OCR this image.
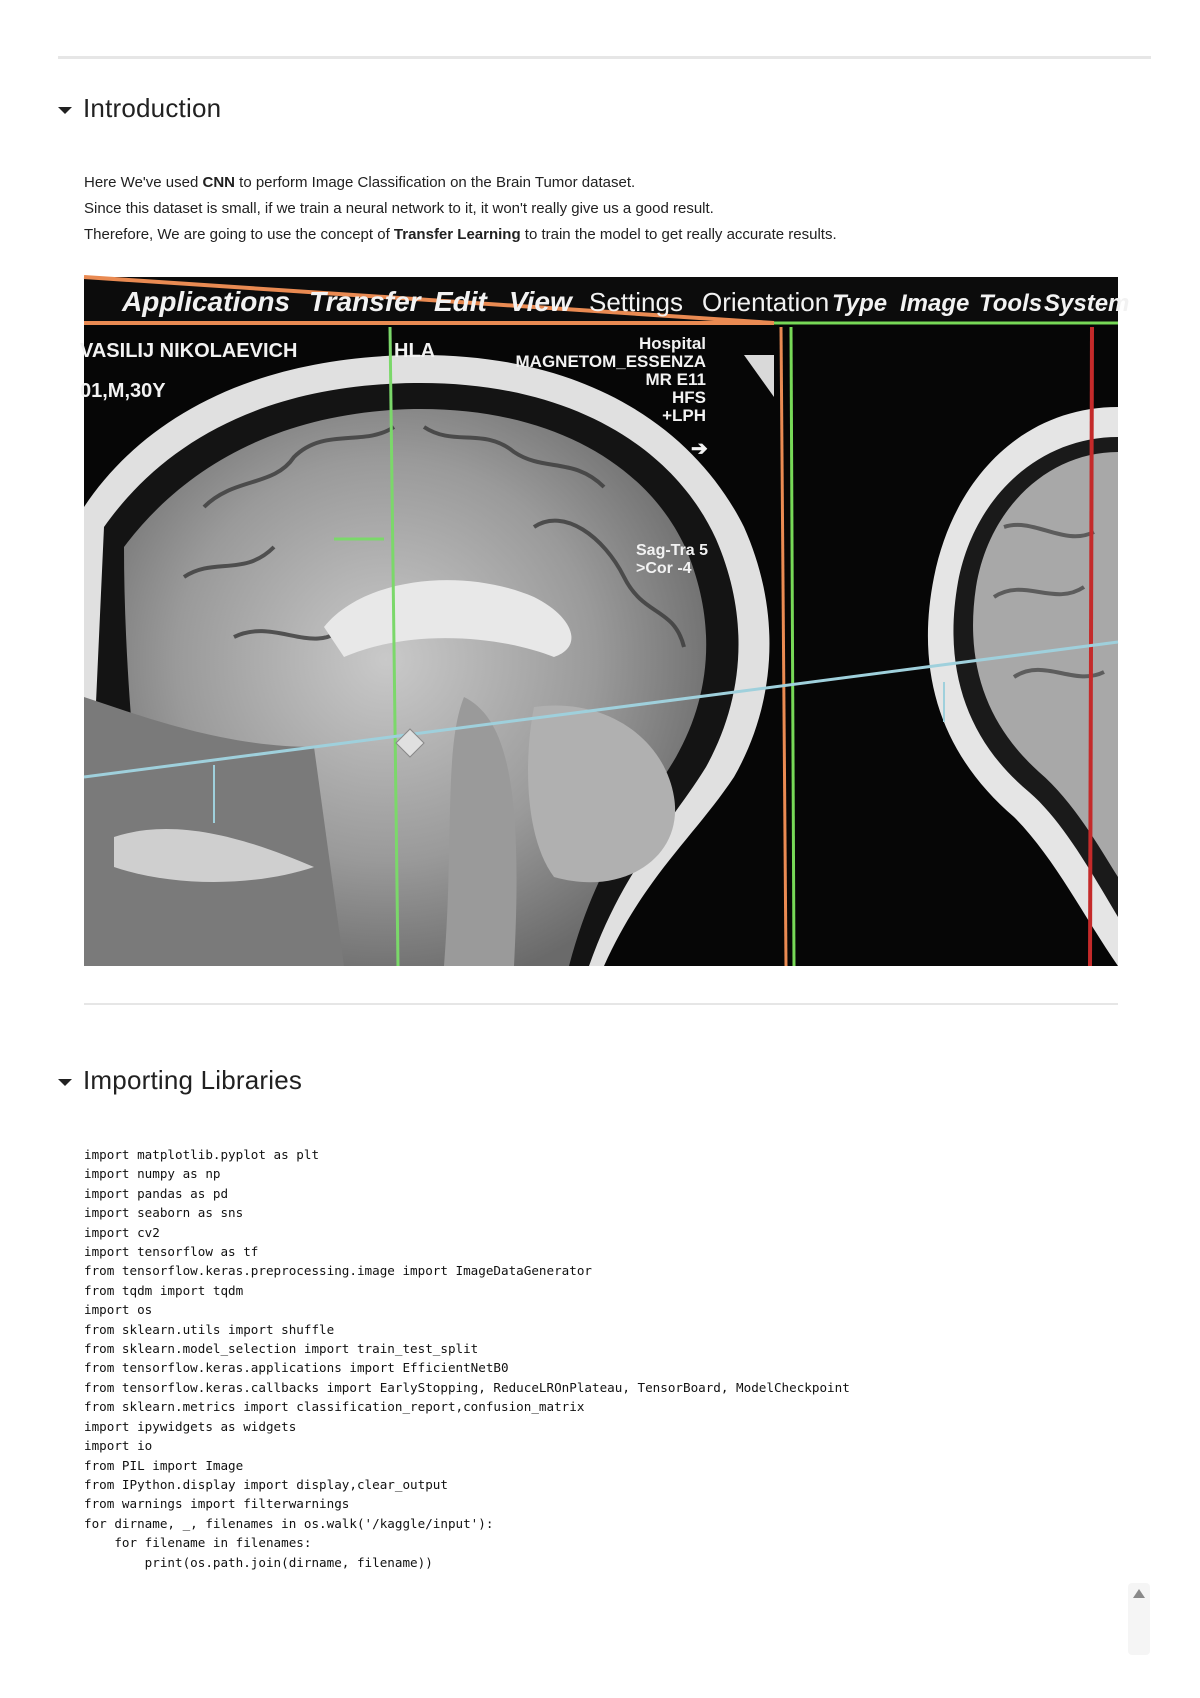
Introduction

Here We've used CNN to perform Image Classification on the Brain Tumor dataset.

Since this dataset is small, if we train a neural network to it, it won't really give us a good result.

Therefore, We are going to use the concept of Transfer Learning to train the model to get really accurate results.

Applications Transfer Edit View Settings Orientation Type Image Tools System
VASILIJ NIKOLAEVICH
01,M,30Y
HLA	Hospital
MAGNETOM_ESSENZA
MR E11
HFS
+LPH
➔
Sag-Tra 5
>Cor -4
Importing Libraries
import matplotlib.pyplot as plt
import numpy as np
import pandas as pd
import seaborn as sns
import cv2
import tensorflow as tf
from tensorflow.keras.preprocessing.image import ImageDataGenerator
from tqdm import tqdm
import os
from sklearn.utils import shuffle
from sklearn.model_selection import train_test_split
from tensorflow.keras.applications import EfficientNetB0
from tensorflow.keras.callbacks import EarlyStopping, ReduceLROnPlateau, TensorBoard, ModelCheckpoint
from sklearn.metrics import classification_report,confusion_matrix
import ipywidgets as widgets
import io
from PIL import Image
from IPython.display import display,clear_output
from warnings import filterwarnings
for dirname, _, filenames in os.walk('/kaggle/input'):
for filename in filenames:
print(os.path.join(dirname, filename))
